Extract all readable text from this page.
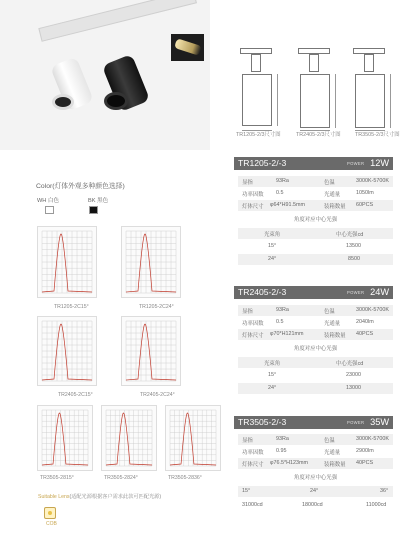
TR1205-2/3尺寸图	TR2405-2/3尺寸图	TR3505-2/3尺寸图
Color(灯体外观多种颜色选择)
WH 白色	BK 黑色
TR1205-2C15°	TR1205-2C24°
TR2405-2C15°	TR2405-2C24°
TR3505-2815°	TR3505-2824°	TR3505-2836°
Suitable Lens(适配光源根据客户需求此款可匹配光源)
COB
TR1205-2/-3	POWER 12W
显指	93Ra	色温	3000K-5700K
功率因数 0.5	光通量	1050lm
灯体尺寸 φ64*H91.5mm	装箱数量 60PCS
角度对应中心光强
光束角	中心光强cd
15°	13500
24°	8500
TR2405-2/-3	POWER 24W
显指	93Ra	色温	3000K-5700K
功率因数 0.5	光通量	2040lm
灯体尺寸 φ70*H121mm	装箱数量 40PCS
角度对应中心光强
光束角	中心光强cd
15°	23000
24°	13000
TR3505-2/-3	POWER 35W
显指	93Ra	色温	3000K-5700K
功率因数 0.95	光通量	2900lm
灯体尺寸 φ76.5*H123mm	装箱数量 40PCS
角度对应中心光强
15°	24°	36°
31000cd	18000cd	11000cd
